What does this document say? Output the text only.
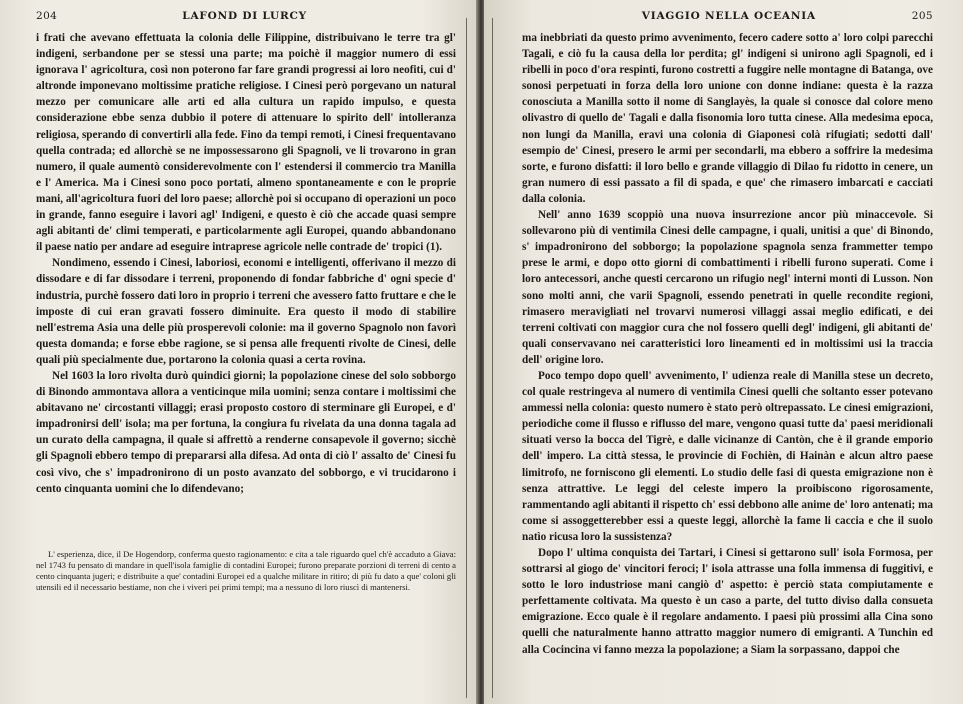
204	LAFOND DI LURCY

i frati che avevano effettuata la colonia delle Filippine, distribuivano le terre tra gl' indigeni, serbandone per se stessi una parte; ma poichè il maggior numero di essi ignorava l' agricoltura, così non poterono far fare grandi progressi ai loro neofiti, cui d' altronde imponevano moltissime pratiche religiose. I Cinesi però porgevano un natural mezzo per comunicare alle arti ed alla cultura un rapido impulso, e questa considerazione ebbe senza dubbio il potere di attenuare lo spirito dell' intolleranza religiosa, sperando di convertirli alla fede. Fino da tempi remoti, i Cinesi frequentavano quella contrada; ed allorchè se ne impossessarono gli Spagnoli, ve li trovarono in gran numero, il quale aumentò considerevolmente con l' estendersi il commercio tra Manilla e l' America. Ma i Cinesi sono poco portati, almeno spontaneamente e con le proprie mani, all'agricoltura fuori del loro paese; allorchè poi si occupano di operazioni un poco in grande, fanno eseguire i lavori agl' Indigeni, e questo è ciò che accade quasi sempre agli abitanti de' climi temperati, e particolarmente agli Europei, quando abbandonano il paese natio per andare ad eseguire intraprese agricole nelle contrade de' tropici (1).

Nondimeno, essendo i Cinesi, laboriosi, economi e intelligenti, offerivano il mezzo di dissodare e di far dissodare i terreni, proponendo di fondar fabbriche d' ogni specie d' industria, purchè fossero dati loro in proprio i terreni che avessero fatto fruttare e che le imposte di cui eran gravati fossero diminuite. Era questo il modo di stabilire nell'estrema Asia una delle più prosperevoli colonie: ma il governo Spagnolo non favorì questa domanda; e forse ebbe ragione, se si pensa alle frequenti rivolte de Cinesi, delle quali più specialmente due, portarono la colonia quasi a certa rovina.

Nel 1603 la loro rivolta durò quindici giorni; la popolazione cinese del solo sobborgo di Binondo ammontava allora a venticinque mila uomini; senza contare i moltissimi che abitavano ne' circostanti villaggi; erasi proposto costoro di sterminare gli Europei, e d' impadronirsi dell' isola; ma per fortuna, la congiura fu rivelata da una donna tagala ad un curato della campagna, il quale si affrettò a renderne consapevole il governo; sicchè gli Spagnoli ebbero tempo di prepararsi alla difesa. Ad onta di ciò l' assalto de' Cinesi fu così vivo, che s' impadronirono di un posto avanzato del sobborgo, e vi trucidarono i cento cinquanta uomini che lo difendevano;

L' esperienza, dice, il De Hogendorp, conferma questo ragionamento: e cita a tale riguardo quel ch'è accaduto a Giava: nel 1743 fu pensato di mandare in quell'isola famiglie di contadini Europei; furono preparate porzioni di terreni di cento a cento cinquanta jugeri; e distribuite a que' contadini Europei ed a qualche militare in ritiro; di più fu dato a que' coloni gli utensili ed il necessario bestiame, non che i viveri pei primi tempi; ma a nessuno di loro riuscì di mantenersi.
VIAGGIO NELLA OCEANIA	205

ma inebbriati da questo primo avvenimento, fecero cadere sotto a' loro colpi parecchi Tagali, e ciò fu la causa della lor perdita; gl' indigeni si unirono agli Spagnoli, ed i ribelli in poco d'ora respinti, furono costretti a fuggire nelle montagne di Batanga, ove sonosi perpetuati in forza della loro unione con donne indiane: questa è la razza conosciuta a Manilla sotto il nome di Sanglayès, la quale si conosce dal colore meno olivastro di quello de' Tagali e dalla fisonomia loro tutta cinese. Alla medesima epoca, non lungi da Manilla, eravi una colonia di Giaponesi colà rifugiati; sedotti dall' esempio de' Cinesi, presero le armi per secondarli, ma ebbero a soffrire la medesima sorte, e furono disfatti: il loro bello e grande villaggio di Dilao fu ridotto in cenere, un gran numero di essi passato a fil di spada, e que' che rimasero imbarcati e cacciati dalla colonia.

Nell' anno 1639 scoppiò una nuova insurrezione ancor più minaccevole. Si sollevarono più di ventimila Cinesi delle campagne, i quali, unitisi a que' di Binondo, s' impadronirono del sobborgo; la popolazione spagnola senza frammetter tempo prese le armi, e dopo otto giorni di combattimenti i ribelli furono superati. Come i loro antecessori, anche questi cercarono un rifugio negl' interni monti di Lusson. Non sono molti anni, che varii Spagnoli, essendo penetrati in quelle recondite regioni, rimasero meravigliati nel trovarvi numerosi villaggi assai meglio edificati, e dei terreni coltivati con maggior cura che nol fossero quelli degl' indigeni, gli abitanti de' quali conservavano nei caratteristici loro lineamenti ed in moltissimi usi la traccia dell' origine loro.

Poco tempo dopo quell' avvenimento, l' udienza reale di Manilla stese un decreto, col quale restringeva al numero di ventimila Cinesi quelli che soltanto esser potevano ammessi nella colonia: questo numero è stato però oltrepassato. Le cinesi emigrazioni, periodiche come il flusso e riflusso del mare, vengono quasi tutte da' paesi meridionali situati verso la bocca del Tigrè, e dalle vicinanze di Cantòn, che è il grande emporio dell' impero. La città stessa, le provincie di Fochièn, di Hainàn e alcun altro paese limitrofo, ne forniscono gli elementi. Lo studio delle fasi di questa emigrazione non è senza attrattive. Le leggi del celeste impero la proibiscono rigorosamente, rammentando agli abitanti il rispetto ch' essi debbono alle anime de' loro antenati; ma come si assoggetterebber essi a queste leggi, allorchè la fame li caccia e che il suolo natìo ricusa loro la sussistenza?

Dopo l' ultima conquista dei Tartari, i Cinesi si gettarono sull' isola Formosa, per sottrarsi al giogo de' vincitori feroci; l' isola attrasse una folla immensa di fuggitivi, e sotto le loro industriose mani cangiò d' aspetto: è perciò stata compiutamente e perfettamente coltivata. Ma questo è un caso a parte, del tutto diviso dalla consueta emigrazione. Ecco quale è il regolare andamento. I paesi più prossimi alla Cina sono quelli che naturalmente hanno attratto maggior numero di emigranti. A Tunchin ed alla Cocincina vi fanno mezza la popolazione; a Siam la sorpassano, dappoi che
